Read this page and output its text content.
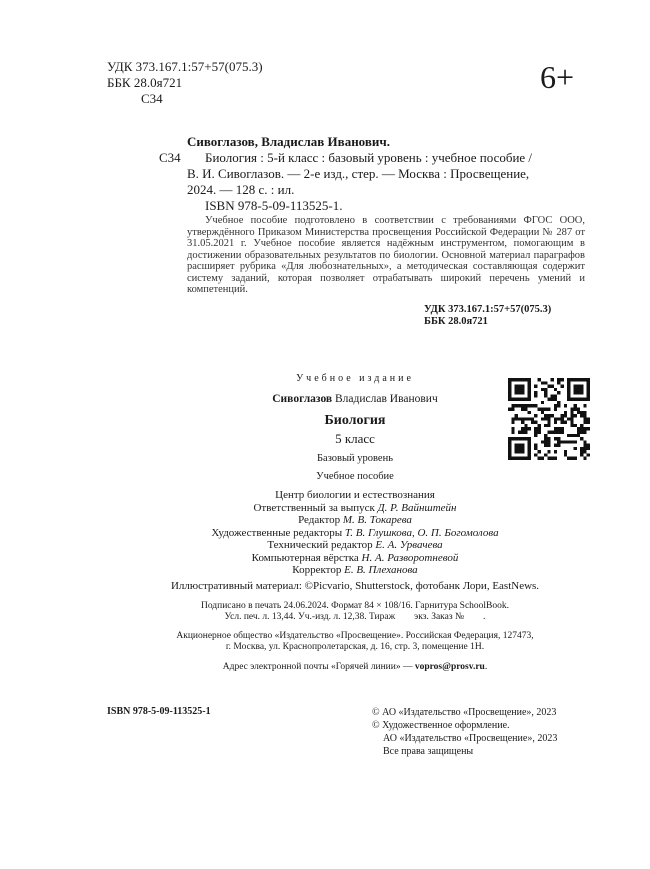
УДК 373.167.1:57+57(075.3)
ББК 28.0я721
С34
6+
Сивоглазов, Владислав Иванович.
С34 Биология : 5-й класс : базовый уровень : учебное пособие /
В. И. Сивоглазов. — 2-е изд., стер. — Москва : Просвещение,
2024. — 128 с. : ил.
ISBN 978-5-09-113525-1.
Учебное пособие подготовлено в соответствии с требованиями ФГОС ООО, утверждённого Приказом Министерства просвещения Российской Федерации № 287 от 31.05.2021 г. Учебное пособие является надёжным инструментом, помогающим в достижении образовательных результатов по биологии. Основной материал параграфов расширяет рубрика «Для любознательных», а методическая составляющая содержит систему заданий, которая позволяет отрабатывать широкий перечень умений и компетенций.
УДК 373.167.1:57+57(075.3)
ББК 28.0я721
Учебное издание
Сивоглазов Владислав Иванович
Биология
5 класс
Базовый уровень
Учебное пособие
Центр биологии и естествознания
Ответственный за выпуск Д. Р. Вайнштейн
Редактор М. В. Токарева
Художественные редакторы Т. В. Глушкова, О. П. Богомолова
Технический редактор Е. А. Урвачева
Компьютерная вёрстка Н. А. Разворотневой
Корректор Е. В. Плеханова
Иллюстративный материал: ©Picvario, Shutterstock, фотобанк Лори, EastNews.
Подписано в печать 24.06.2024. Формат 84 × 108/16. Гарнитура SchoolBook.
Усл. печ. л. 13,44. Уч.-изд. л. 12,38. Тираж        экз. Заказ №        .
Акционерное общество «Издательство «Просвещение». Российская Федерация, 127473,
г. Москва, ул. Краснопролетарская, д. 16, стр. 3, помещение 1Н.
Адрес электронной почты «Горячей линии» — vopros@prosv.ru.
ISBN 978-5-09-113525-1	© АО «Издательство «Просвещение», 2023
© Художественное оформление.
АО «Издательство «Просвещение», 2023
Все права защищены
